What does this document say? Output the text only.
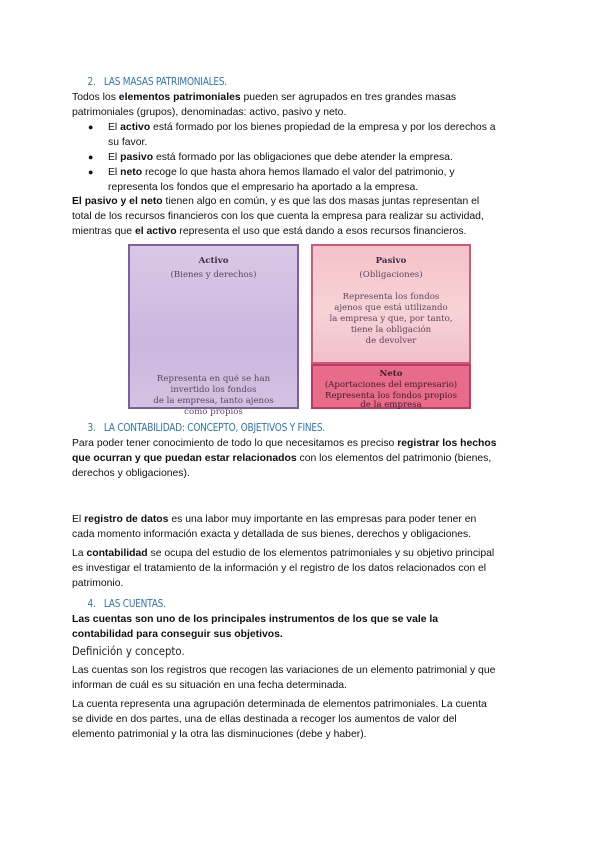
2. LAS MASAS PATRIMONIALES.

Todos los elementos patrimoniales pueden ser agrupados en tres grandes masas

patrimoniales (grupos), denominadas: activo, pasivo y neto.

● El activo está formado por los bienes propiedad de la empresa y por los derechos a
su favor.
● El pasivo está formado por las obligaciones que debe atender la empresa.
● El neto recoge lo que hasta ahora hemos llamado el valor del patrimonio, y
representa los fondos que el empresario ha aportado a la empresa.

El pasivo y el neto tienen algo en común, y es que las dos masas juntas representan el

total de los recursos financieros con los que cuenta la empresa para realizar su actividad,

mientras que el activo representa el uso que está dando a esos recursos financieros.

Activo
(Bienes y derechos)
Representa en qué se han
invertido los fondos
de la empresa, tanto ajenos
como propios
Pasivo
(Obligaciones)
Representa los fondos
ajenos que está utilizando
la empresa y que, por tanto,
tiene la obligación
de devolver
Neto
(Aportaciones del empresario)
Representa los fondos propios
de la empresa
3. LA CONTABILIDAD: CONCEPTO, OBJETIVOS Y FINES.

Para poder tener conocimiento de todo lo que necesitamos es preciso registrar los hechos

que ocurran y que puedan estar relacionados con los elementos del patrimonio (bienes,

derechos y obligaciones).

El registro de datos es una labor muy importante en las empresas para poder tener en

cada momento información exacta y detallada de sus bienes, derechos y obligaciones.

La contabilidad se ocupa del estudio de los elementos patrimoniales y su objetivo principal

es investigar el tratamiento de la información y el registro de los datos relacionados con el

patrimonio.

4. LAS CUENTAS.

Las cuentas son uno de los principales instrumentos de los que se vale la

contabilidad para conseguir sus objetivos.

Definición y concepto.

Las cuentas son los registros que recogen las variaciones de un elemento patrimonial y que

informan de cuál es su situación en una fecha determinada.

La cuenta representa una agrupación determinada de elementos patrimoniales. La cuenta

se divide en dos partes, una de ellas destinada a recoger los aumentos de valor del

elemento patrimonial y la otra las disminuciones (debe y haber).
